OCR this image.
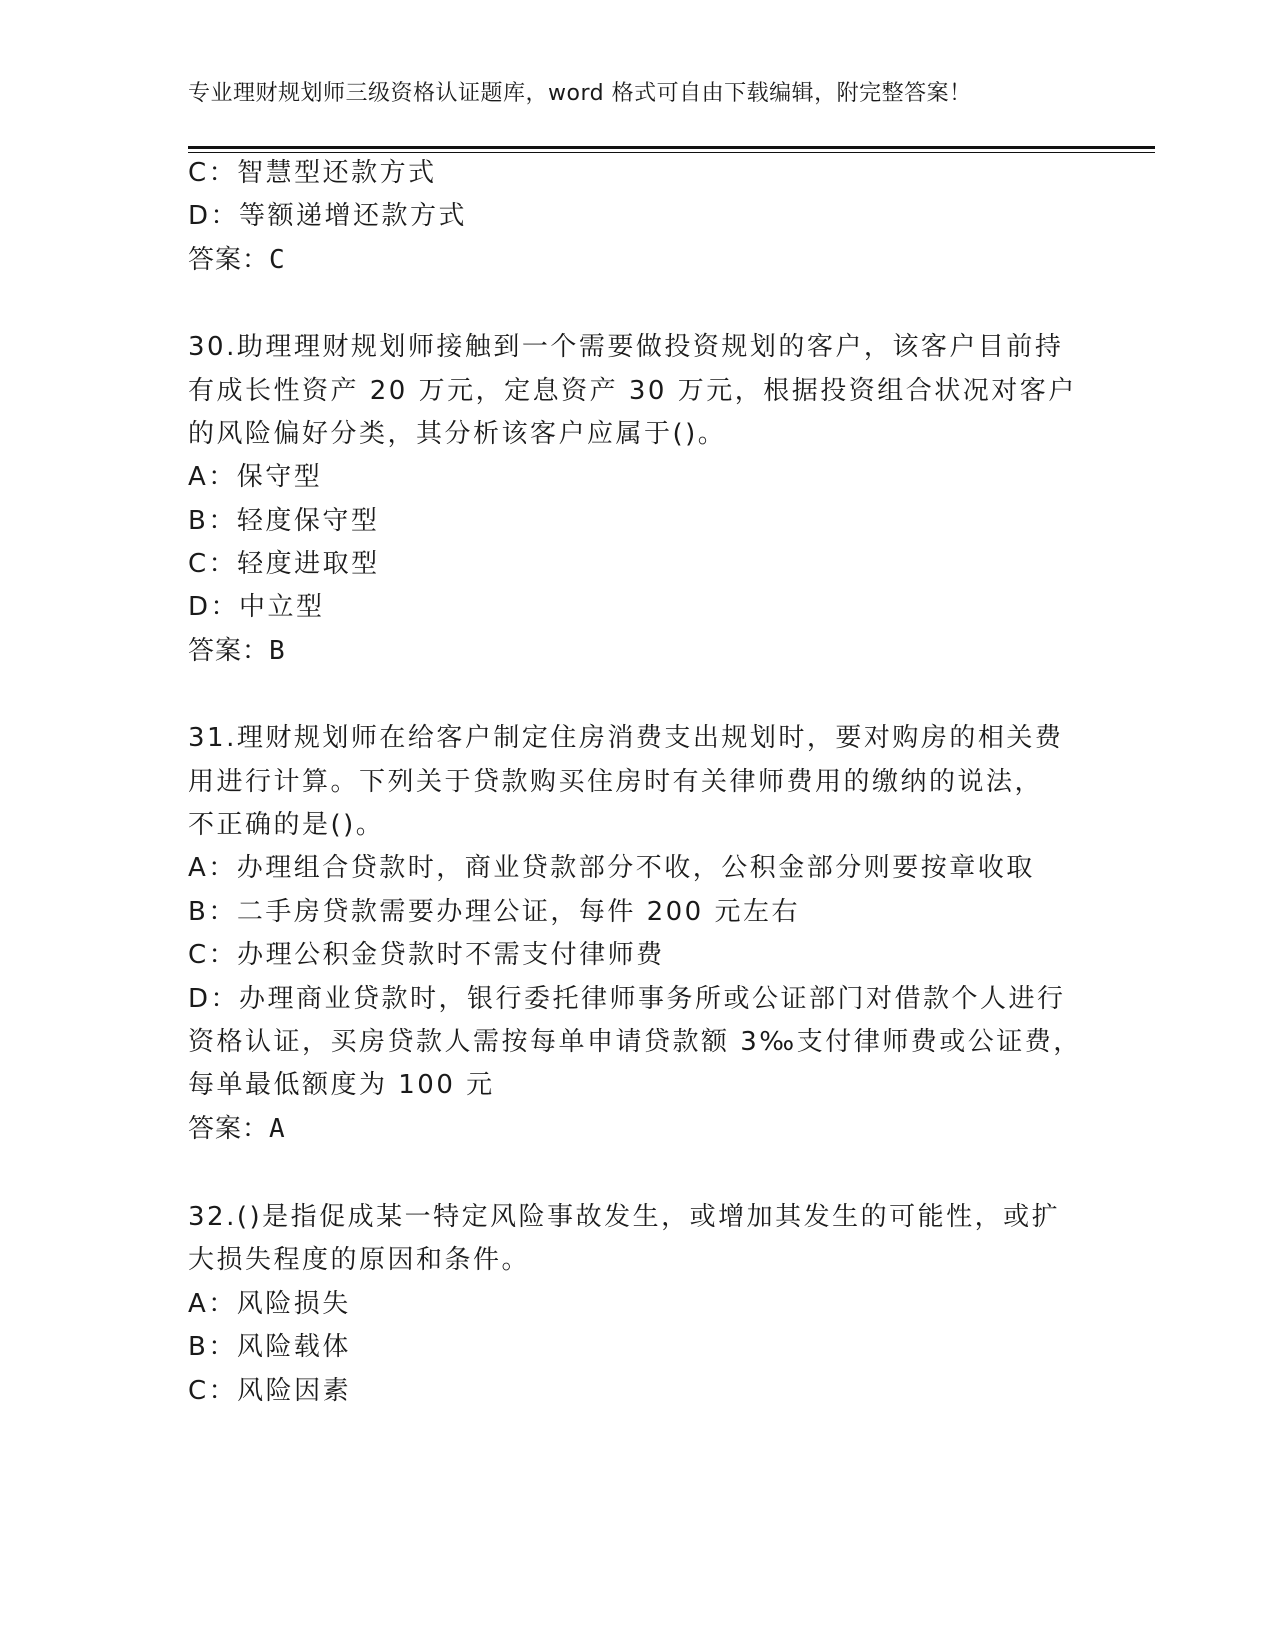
专业理财规划师三级资格认证题库，word 格式可自由下载编辑，附完整答案！
C：智慧型还款方式
D：等额递增还款方式
答案：C
30.助理理财规划师接触到一个需要做投资规划的客户，该客户目前持
有成长性资产 20 万元，定息资产 30 万元，根据投资组合状况对客户
的风险偏好分类，其分析该客户应属于()。
A：保守型
B：轻度保守型
C：轻度进取型
D：中立型
答案：B
31.理财规划师在给客户制定住房消费支出规划时，要对购房的相关费
用进行计算。下列关于贷款购买住房时有关律师费用的缴纳的说法，
不正确的是()。
A：办理组合贷款时，商业贷款部分不收，公积金部分则要按章收取
B：二手房贷款需要办理公证，每件 200 元左右
C：办理公积金贷款时不需支付律师费
D：办理商业贷款时，银行委托律师事务所或公证部门对借款个人进行
资格认证，买房贷款人需按每单申请贷款额 3‰支付律师费或公证费，
每单最低额度为 100 元
答案：A
32.()是指促成某一特定风险事故发生，或增加其发生的可能性，或扩
大损失程度的原因和条件。
A：风险损失
B：风险载体
C：风险因素
